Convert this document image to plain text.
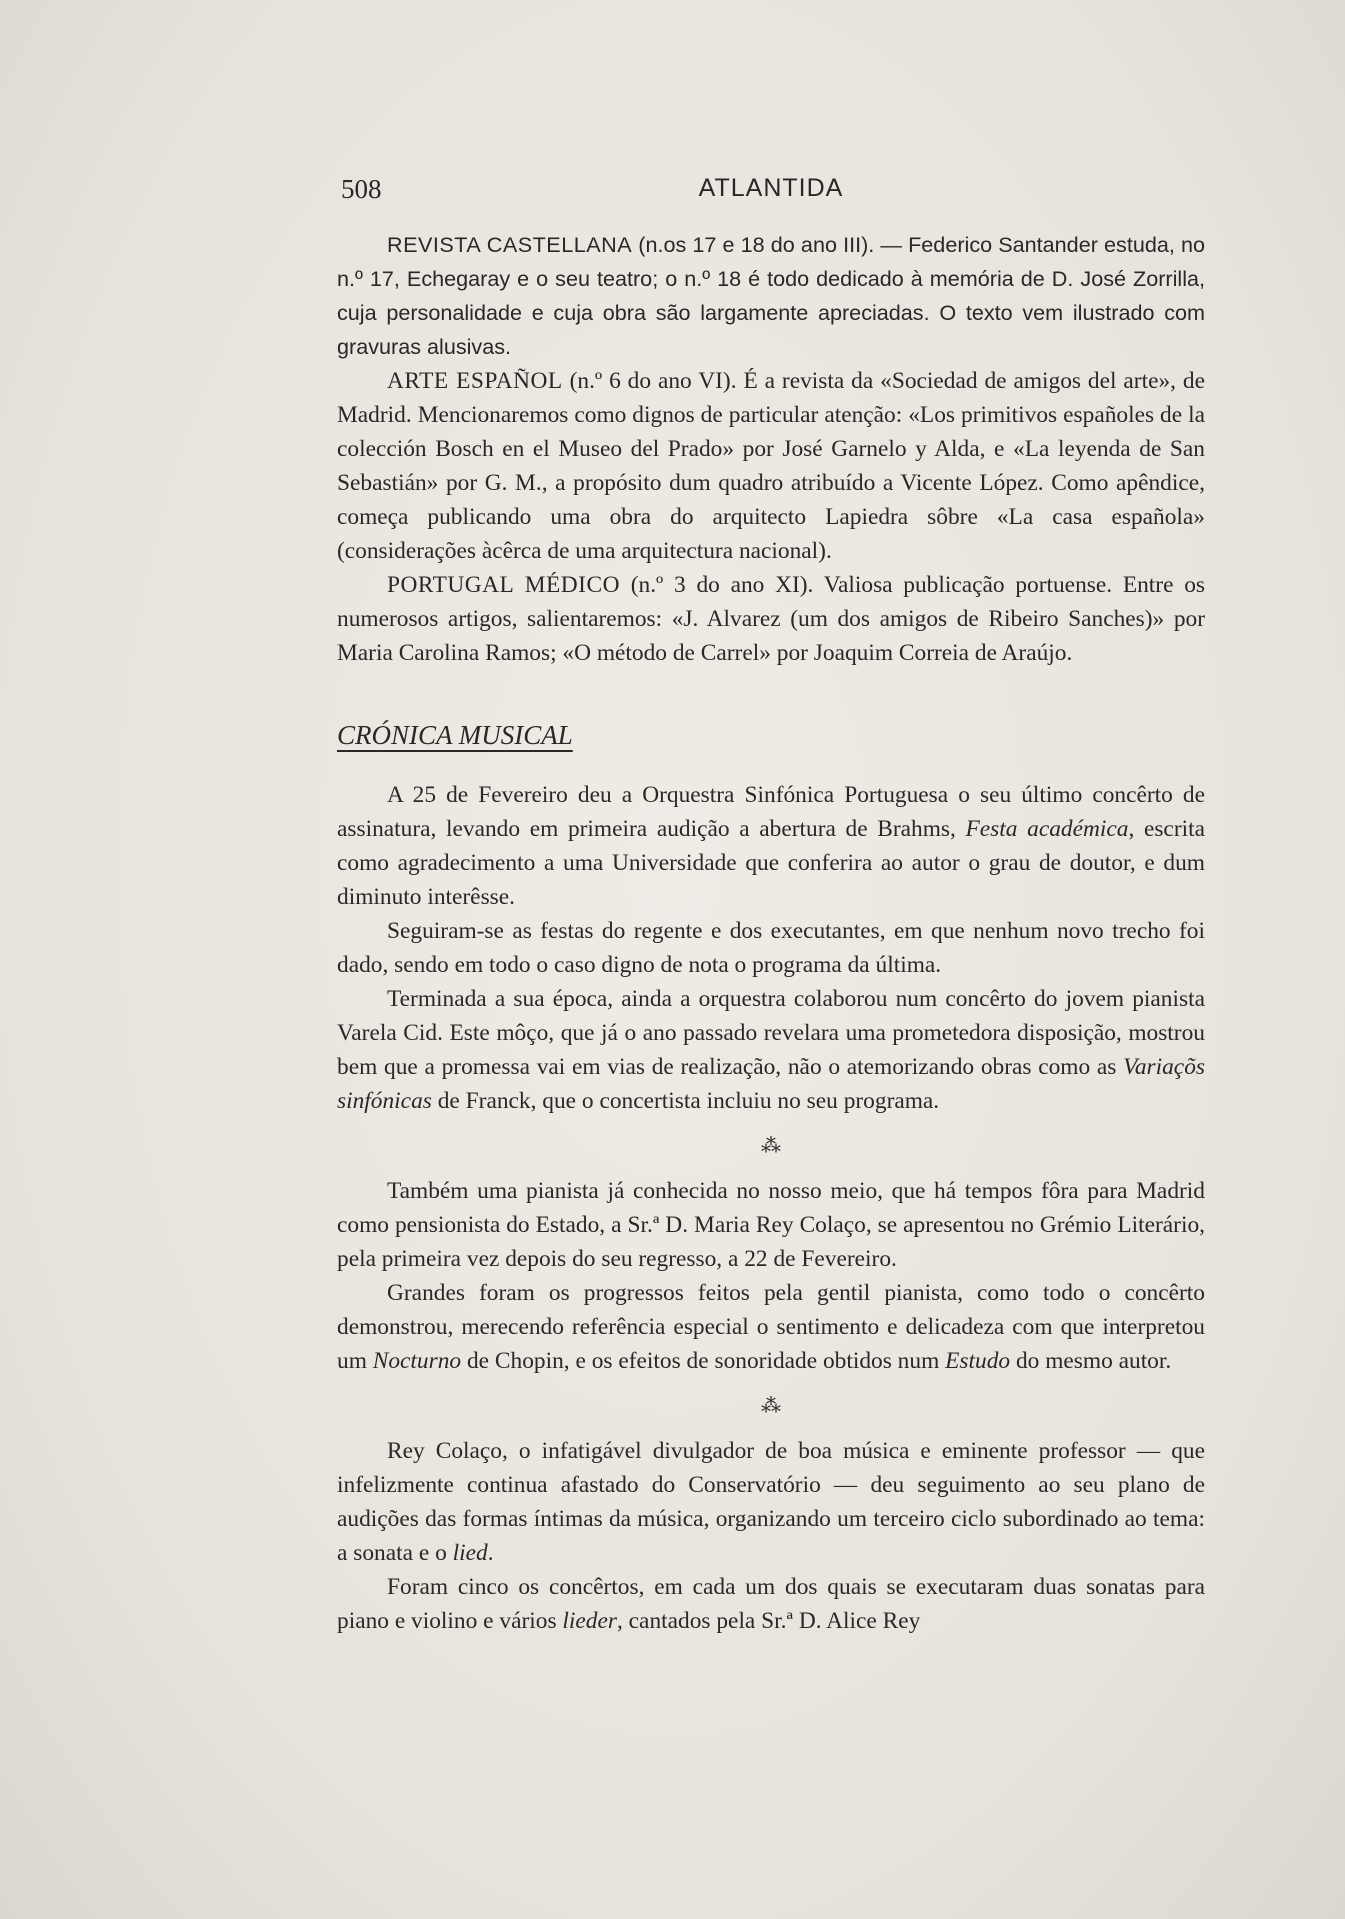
508	ATLANTIDA

REVISTA CASTELLANA (n.os 17 e 18 do ano III). — Federico Santander estuda, no n.º 17, Echegaray e o seu teatro; o n.º 18 é todo dedicado à memória de D. José Zorrilla, cuja personalidade e cuja obra são largamente apreciadas. O texto vem ilustrado com gravuras alusivas.

ARTE ESPAÑOL (n.º 6 do ano VI). É a revista da «Sociedad de amigos del arte», de Madrid. Mencionaremos como dignos de particular atenção: «Los primitivos españoles de la colección Bosch en el Museo del Prado» por José Garnelo y Alda, e «La leyenda de San Sebastián» por G. M., a propósito dum quadro atribuído a Vicente López. Como apêndice, começa publicando uma obra do arquitecto Lapiedra sôbre «La casa española» (considerações àcêrca de uma arquitectura nacional).

PORTUGAL MÉDICO (n.º 3 do ano XI). Valiosa publicação portuense. Entre os numerosos artigos, salientaremos: «J. Alvarez (um dos amigos de Ribeiro Sanches)» por Maria Carolina Ramos; «O método de Carrel» por Joaquim Correia de Araújo.

CRÓNICA MUSICAL

A 25 de Fevereiro deu a Orquestra Sinfónica Portuguesa o seu último concêrto de assinatura, levando em primeira audição a abertura de Brahms, Festa académica, escrita como agradecimento a uma Universidade que conferira ao autor o grau de doutor, e dum diminuto interêsse.

Seguiram-se as festas do regente e dos executantes, em que nenhum novo trecho foi dado, sendo em todo o caso digno de nota o programa da última.

Terminada a sua época, ainda a orquestra colaborou num concêrto do jovem pianista Varela Cid. Este môço, que já o ano passado revelara uma prometedora disposição, mostrou bem que a promessa vai em vias de realização, não o atemorizando obras como as Variaçõs sinfónicas de Franck, que o concertista incluiu no seu programa.

⁂

Também uma pianista já conhecida no nosso meio, que há tempos fôra para Madrid como pensionista do Estado, a Sr.ª D. Maria Rey Colaço, se apresentou no Grémio Literário, pela primeira vez depois do seu regresso, a 22 de Fevereiro.

Grandes foram os progressos feitos pela gentil pianista, como todo o concêrto demonstrou, merecendo referência especial o sentimento e delicadeza com que interpretou um Nocturno de Chopin, e os efeitos de sonoridade obtidos num Estudo do mesmo autor.

⁂

Rey Colaço, o infatigável divulgador de boa música e eminente professor — que infelizmente continua afastado do Conservatório — deu seguimento ao seu plano de audições das formas íntimas da música, organizando um terceiro ciclo subordinado ao tema: a sonata e o lied.

Foram cinco os concêrtos, em cada um dos quais se executaram duas sonatas para piano e violino e vários lieder, cantados pela Sr.ª D. Alice Rey
